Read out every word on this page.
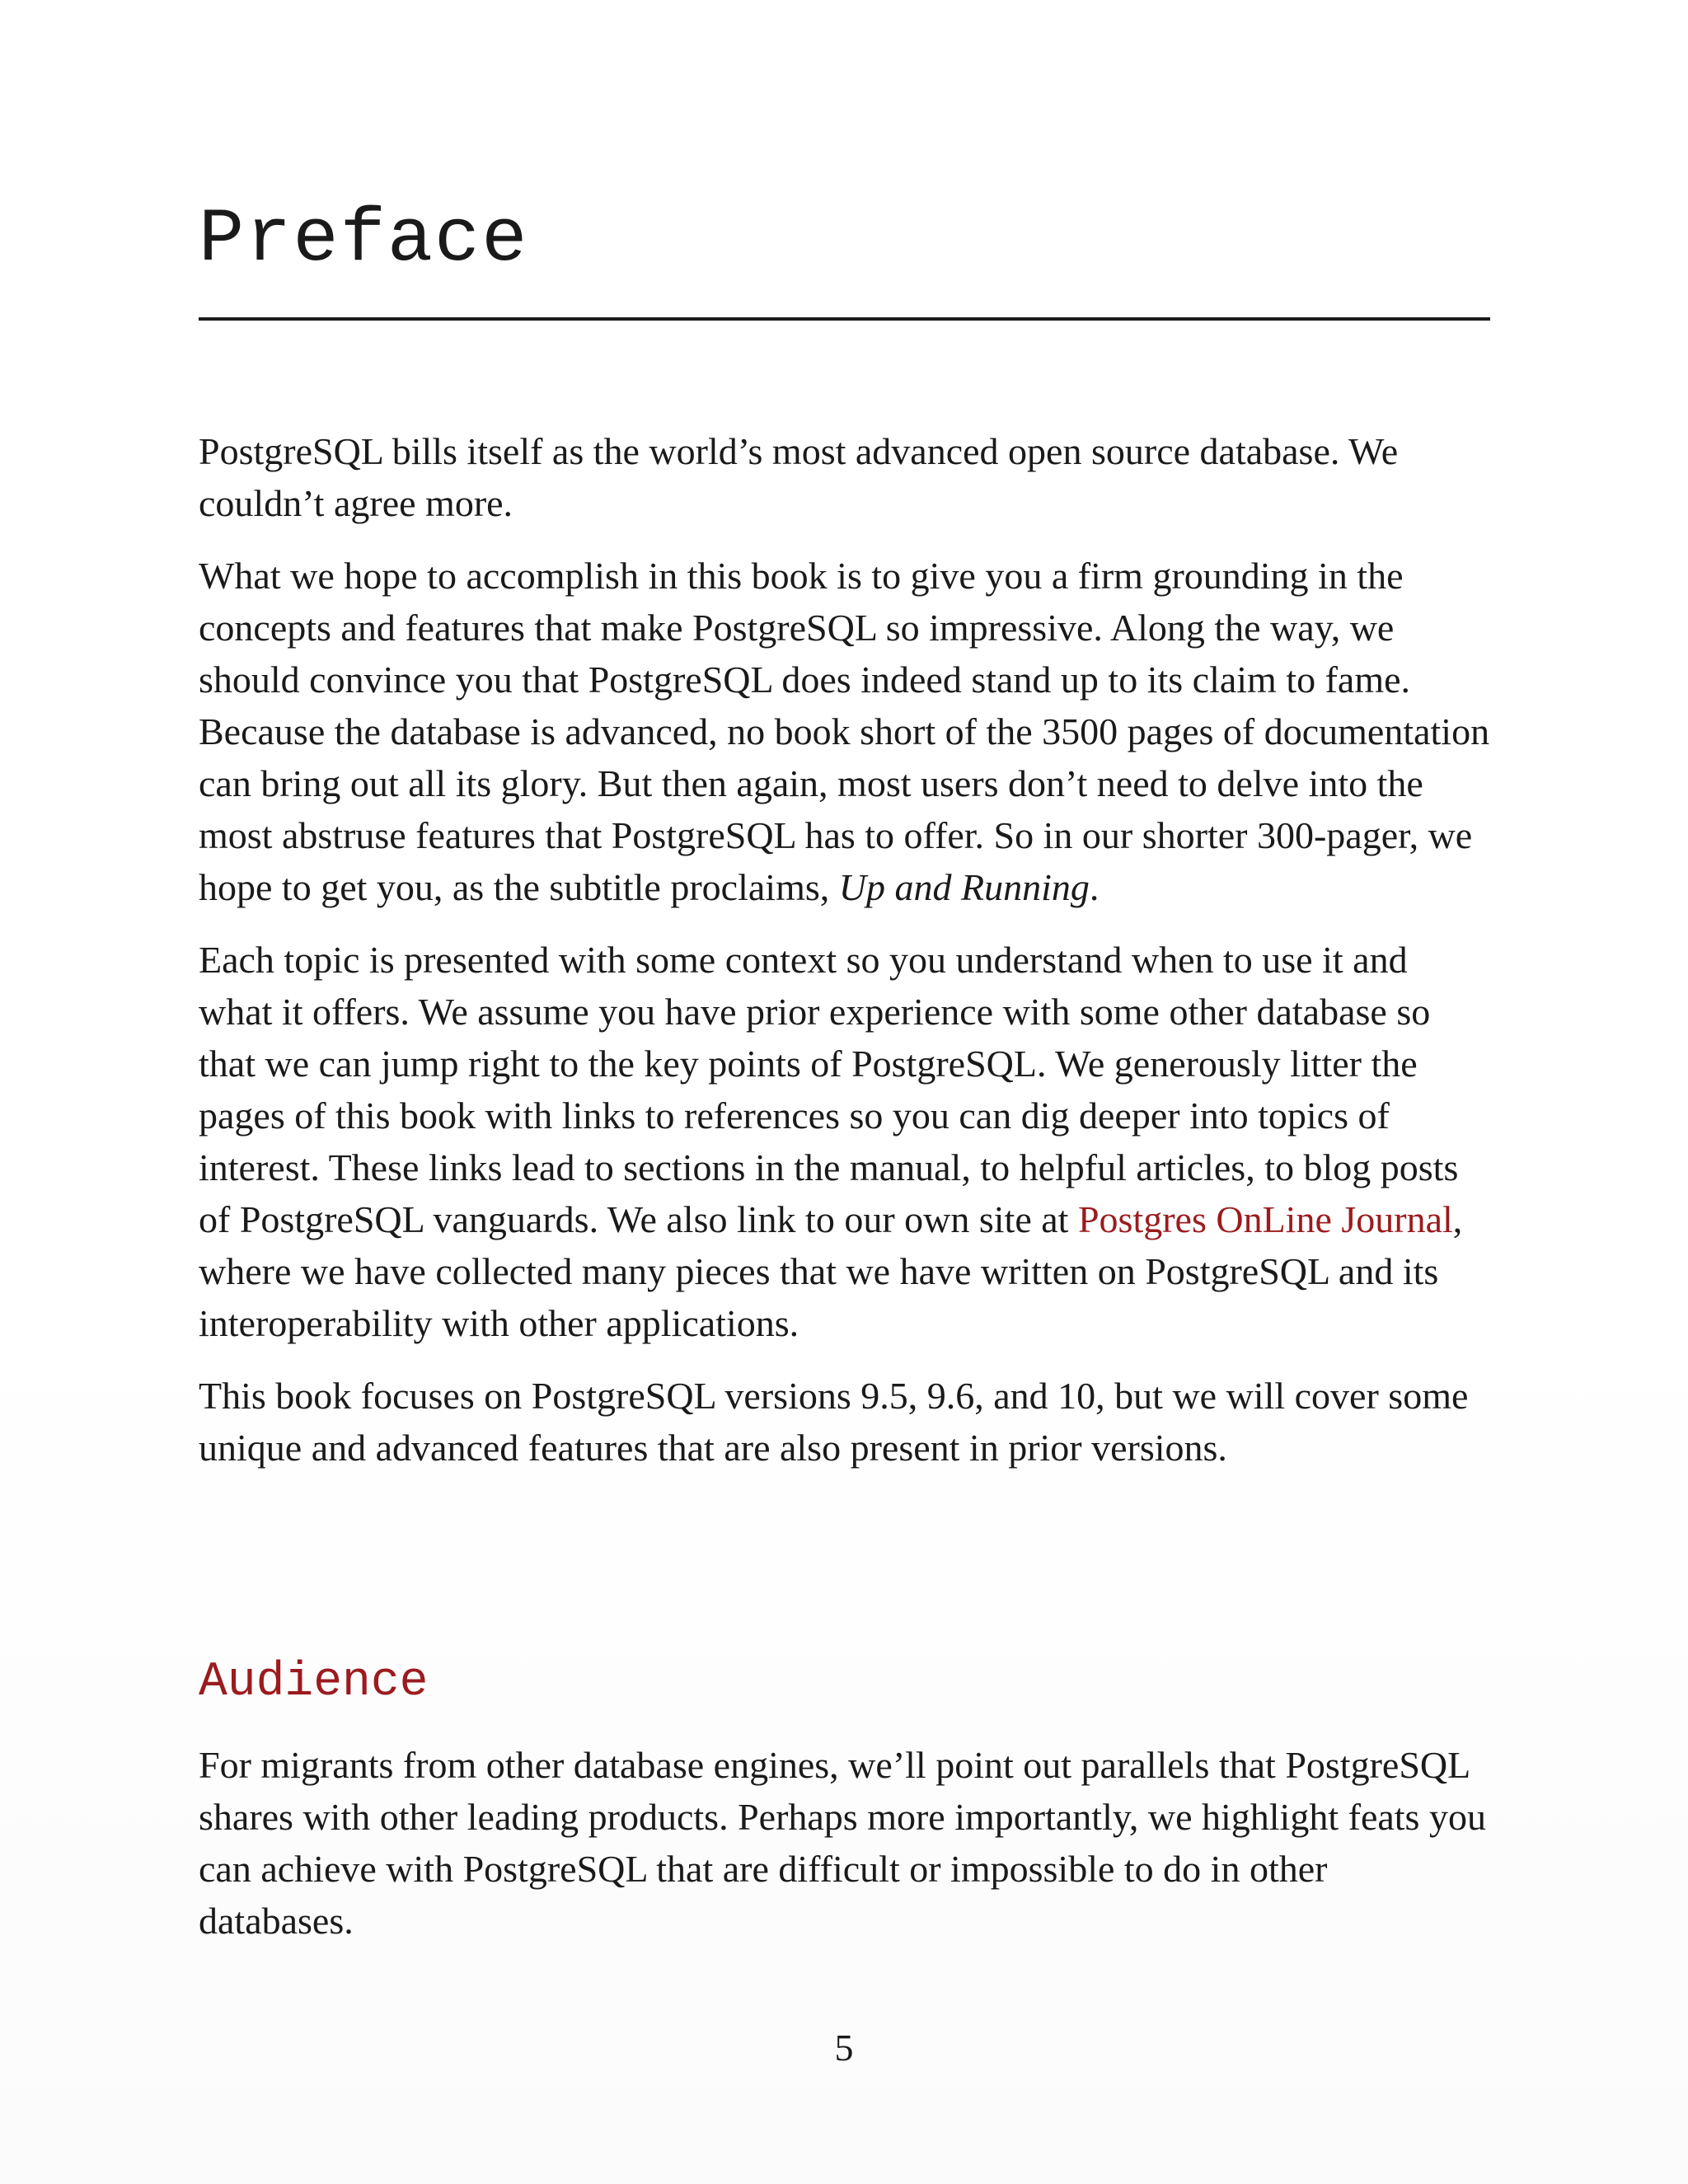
Preface

PostgreSQL bills itself as the world’s most advanced open source database. We couldn’t agree more.

What we hope to accomplish in this book is to give you a firm grounding in the concepts and features that make PostgreSQL so impressive. Along the way, we should convince you that PostgreSQL does indeed stand up to its claim to fame. Because the database is advanced, no book short of the 3500 pages of documentation can bring out all its glory. But then again, most users don’t need to delve into the most abstruse features that PostgreSQL has to offer. So in our shorter 300-pager, we hope to get you, as the subtitle proclaims, Up and Running.

Each topic is presented with some context so you understand when to use it and what it offers. We assume you have prior experience with some other database so that we can jump right to the key points of PostgreSQL. We generously litter the pages of this book with links to references so you can dig deeper into topics of interest. These links lead to sections in the manual, to helpful articles, to blog posts of PostgreSQL vanguards. We also link to our own site at Postgres OnLine Journal, where we have collected many pieces that we have written on PostgreSQL and its interoperability with other applications.

This book focuses on PostgreSQL versions 9.5, 9.6, and 10, but we will cover some unique and advanced features that are also present in prior versions.

Audience

For migrants from other database engines, we’ll point out parallels that PostgreSQL shares with other leading products. Perhaps more importantly, we highlight feats you can achieve with PostgreSQL that are difficult or impossible to do in other databases.

5
